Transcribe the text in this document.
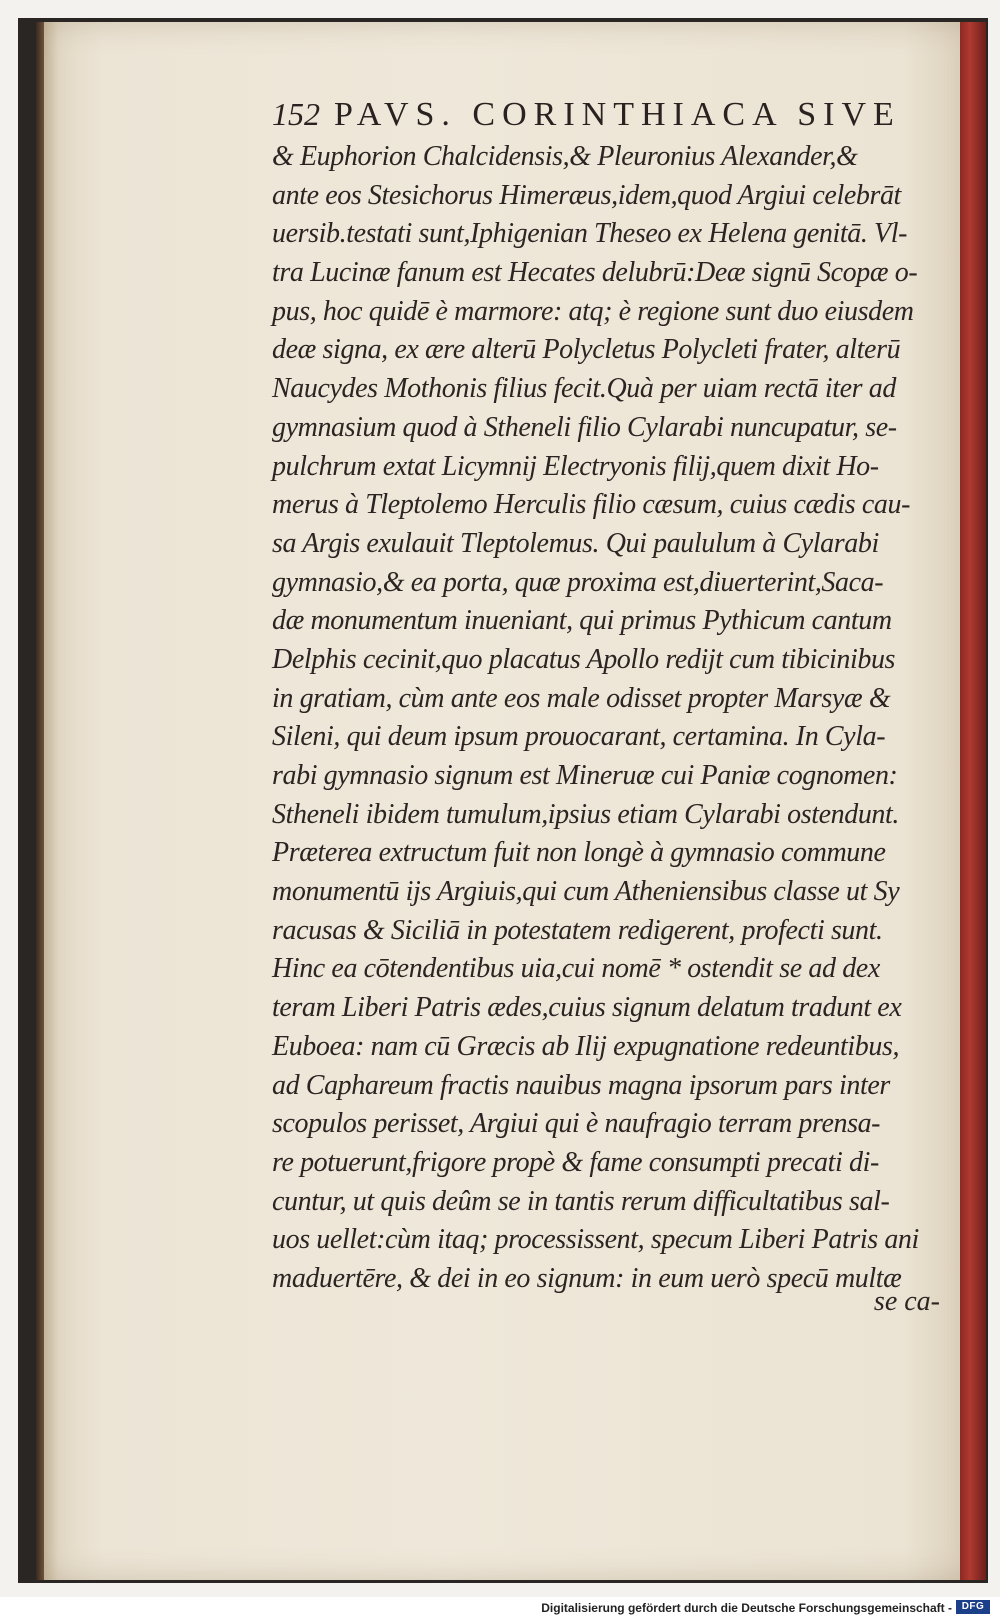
152 PAVS. CORINTHIACA SIVE
& Euphorion Chalcidensis,& Pleuronius Alexander,&
ante eos Stesichorus Himeræus,idem,quod Argiui celebrāt
uersib.testati sunt,Iphigenian Theseo ex Helena genitā. Vl-
tra Lucinæ fanum est Hecates delubrū:Deæ signū Scopæ o-
pus, hoc quidē è marmore: atq; è regione sunt duo eiusdem
deæ signa, ex ære alterū Polycletus Polycleti frater, alterū
Naucydes Mothonis filius fecit.Quà per uiam rectā iter ad
gymnasium quod à Stheneli filio Cylarabi nuncupatur, se-
pulchrum extat Licymnij Electryonis filij,quem dixit Ho-
merus à Tleptolemo Herculis filio cæsum, cuius cædis cau-
sa Argis exulauit Tleptolemus. Qui paululum à Cylarabi
gymnasio,& ea porta, quæ proxima est,diuerterint,Saca-
dæ monumentum inueniant, qui primus Pythicum cantum
Delphis cecinit,quo placatus Apollo redijt cum tibicinibus
in gratiam, cùm ante eos male odisset propter Marsyæ &
Sileni, qui deum ipsum prouocarant, certamina. In Cyla-
rabi gymnasio signum est Mineruæ cui Paniæ cognomen:
Stheneli ibidem tumulum,ipsius etiam Cylarabi ostendunt.
Præterea extructum fuit non longè à gymnasio commune
monumentū ijs Argiuis,qui cum Atheniensibus classe ut Sy
racusas & Siciliā in potestatem redigerent, profecti sunt.
Hinc ea cōtendentibus uia,cui nomē * ostendit se ad dex
teram Liberi Patris ædes,cuius signum delatum tradunt ex
Euboea: nam cū Græcis ab Ilij expugnatione redeuntibus,
ad Caphareum fractis nauibus magna ipsorum pars inter
scopulos perisset, Argiui qui è naufragio terram prensa-
re potuerunt,frigore propè & fame consumpti precati di-
cuntur, ut quis deûm se in tantis rerum difficultatibus sal-
uos uellet:cùm itaq; processissent, specum Liberi Patris ani
maduertēre, & dei in eo signum: in eum uerò specū multæ
se ca-
Digitalisierung gefördert durch die Deutsche Forschungsgemeinschaft - DFG
